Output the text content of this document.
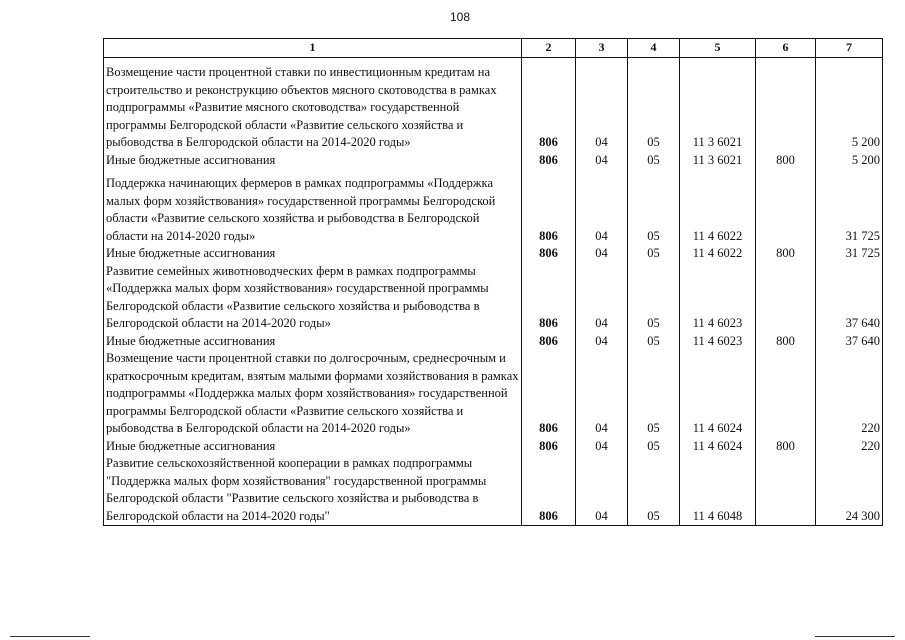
108
1	2	3	4	5	6	7

Возмещение части процентной ставки по инвестиционным кредитам на строительство и реконструкцию объектов мясного скотоводства в рамках подпрограммы «Развитие мясного скотоводства» государственной программы Белгородской области «Развитие сельского хозяйства и рыбоводства в Белгородской области на 2014-2020 годы»	806	04	05	11 3 6021		5 200
Иные бюджетные ассигнования	806	04	05	11 3 6021	800	5 200

Поддержка начинающих фермеров в рамках подпрограммы «Поддержка малых форм хозяйствования» государственной программы Белгородской области «Развитие сельского хозяйства и рыбоводства в Белгородской области на 2014-2020 годы»	806	04	05	11 4 6022		31 725
Иные бюджетные ассигнования	806	04	05	11 4 6022	800	31 725
Развитие семейных животноводческих ферм в рамках подпрограммы «Поддержка малых форм хозяйствования» государственной программы Белгородской области «Развитие сельского хозяйства и рыбоводства в Белгородской области на 2014-2020 годы»	806	04	05	11 4 6023		37 640
Иные бюджетные ассигнования	806	04	05	11 4 6023	800	37 640
Возмещение части процентной ставки по долгосрочным, среднесрочным и краткосрочным кредитам, взятым малыми формами хозяйствования в рамках подпрограммы «Поддержка малых форм хозяйствования» государственной программы Белгородской области «Развитие сельского хозяйства и рыбоводства в Белгородской области на 2014-2020 годы»	806	04	05	11 4 6024		220
Иные бюджетные ассигнования	806	04	05	11 4 6024	800	220
Развитие сельскохозяйственной кооперации в рамках подпрограммы "Поддержка малых форм хозяйствования" государственной программы Белгородской области "Развитие сельского хозяйства и рыбоводства в Белгородской области на 2014-2020 годы"	806	04	05	11 4 6048		24 300
